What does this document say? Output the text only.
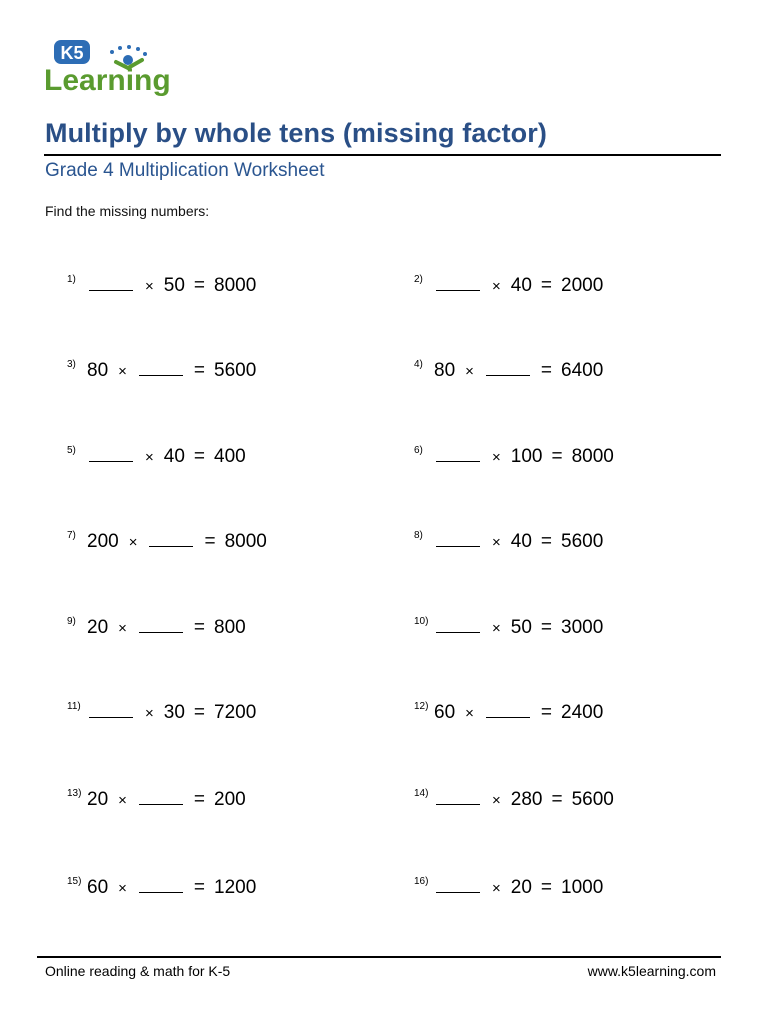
K5
Learning
Multiply by whole tens (missing factor)
Grade 4 Multiplication Worksheet
Find the missing numbers:
1)	× 50 = 8000	2)	× 40 = 2000
3) 80 ×	= 5600	4) 80 ×	= 6400
5)	× 40 = 400	6)	× 100 = 8000
7) 200 ×	= 8000	8)	× 40 = 5600
9) 20 ×	= 800	10)	× 50 = 3000
11)	× 30 = 7200	12) 60 ×	= 2400
13) 20 ×	= 200	14)	× 280 = 5600
15) 60 ×	= 1200	16)	× 20 = 1000
Online reading & math for K-5	www.k5learning.com
